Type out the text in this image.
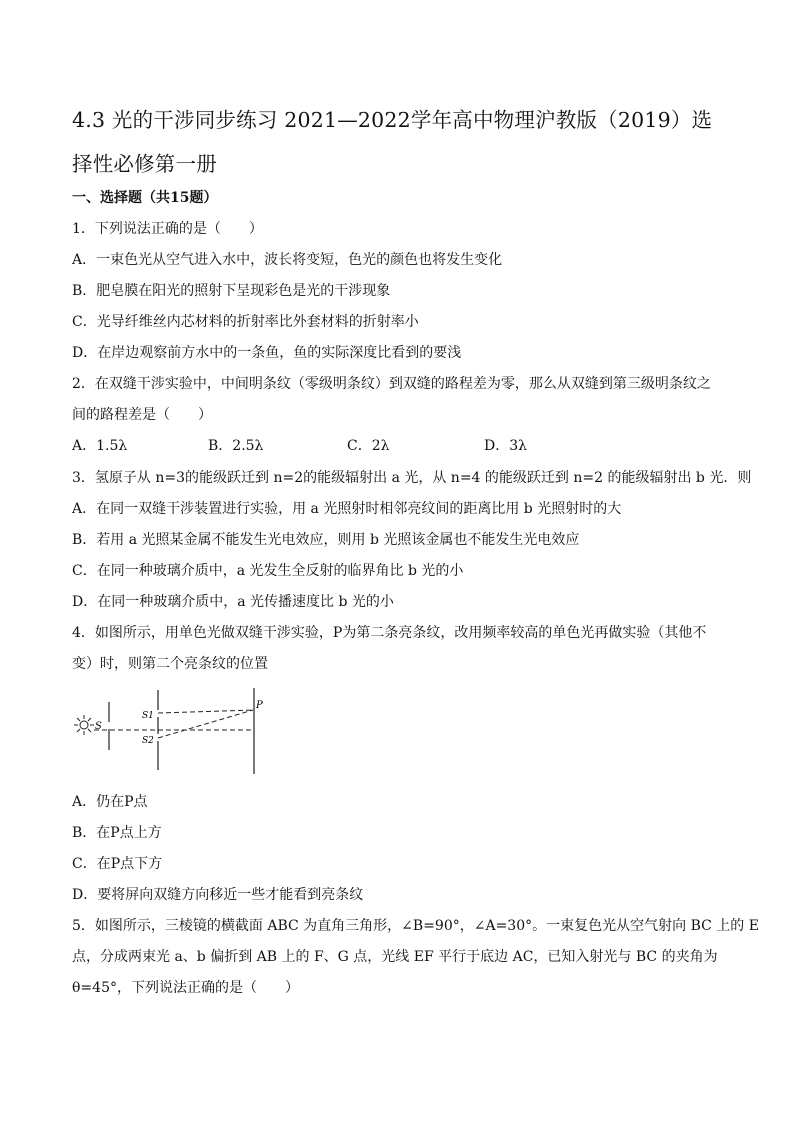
4.3 光的干涉同步练习 2021—2022学年高中物理沪教版（2019）选择性必修第一册
一、选择题（共15题）
1．下列说法正确的是（　　）
A．一束色光从空气进入水中，波长将变短，色光的颜色也将发生变化
B．肥皂膜在阳光的照射下呈现彩色是光的干涉现象
C．光导纤维丝内芯材料的折射率比外套材料的折射率小
D．在岸边观察前方水中的一条鱼，鱼的实际深度比看到的要浅
2．在双缝干涉实验中，中间明条纹（零级明条纹）到双缝的路程差为零，那么从双缝到第三级明条纹之
间的路程差是（　　）
A．1.5λ	B．2.5λ	C．2λ	D．3λ
3．氢原子从 n=3的能级跃迁到 n=2的能级辐射出 a 光，从 n=4 的能级跃迁到 n=2 的能级辐射出 b 光．则
A．在同一双缝干涉装置进行实验，用 a 光照射时相邻亮纹间的距离比用 b 光照射时的大
B．若用 a 光照某金属不能发生光电效应，则用 b 光照该金属也不能发生光电效应
C．在同一种玻璃介质中，a 光发生全反射的临界角比 b 光的小
D．在同一种玻璃介质中，a 光传播速度比 b 光的小
4．如图所示，用单色光做双缝干涉实验，P为第二条亮条纹，改用频率较高的单色光再做实验（其他不
变）时，则第二个亮条纹的位置
S
S1
S2
P
A．仍在P点
B．在P点上方
C．在P点下方
D．要将屏向双缝方向移近一些才能看到亮条纹
5．如图所示，三棱镜的横截面 ABC 为直角三角形，∠B=90°，∠A=30°。一束复色光从空气射向 BC 上的 E
点，分成两束光 a、b 偏折到 AB 上的 F、G 点，光线 EF 平行于底边 AC，已知入射光与 BC 的夹角为
θ=45°，下列说法正确的是（　　）
